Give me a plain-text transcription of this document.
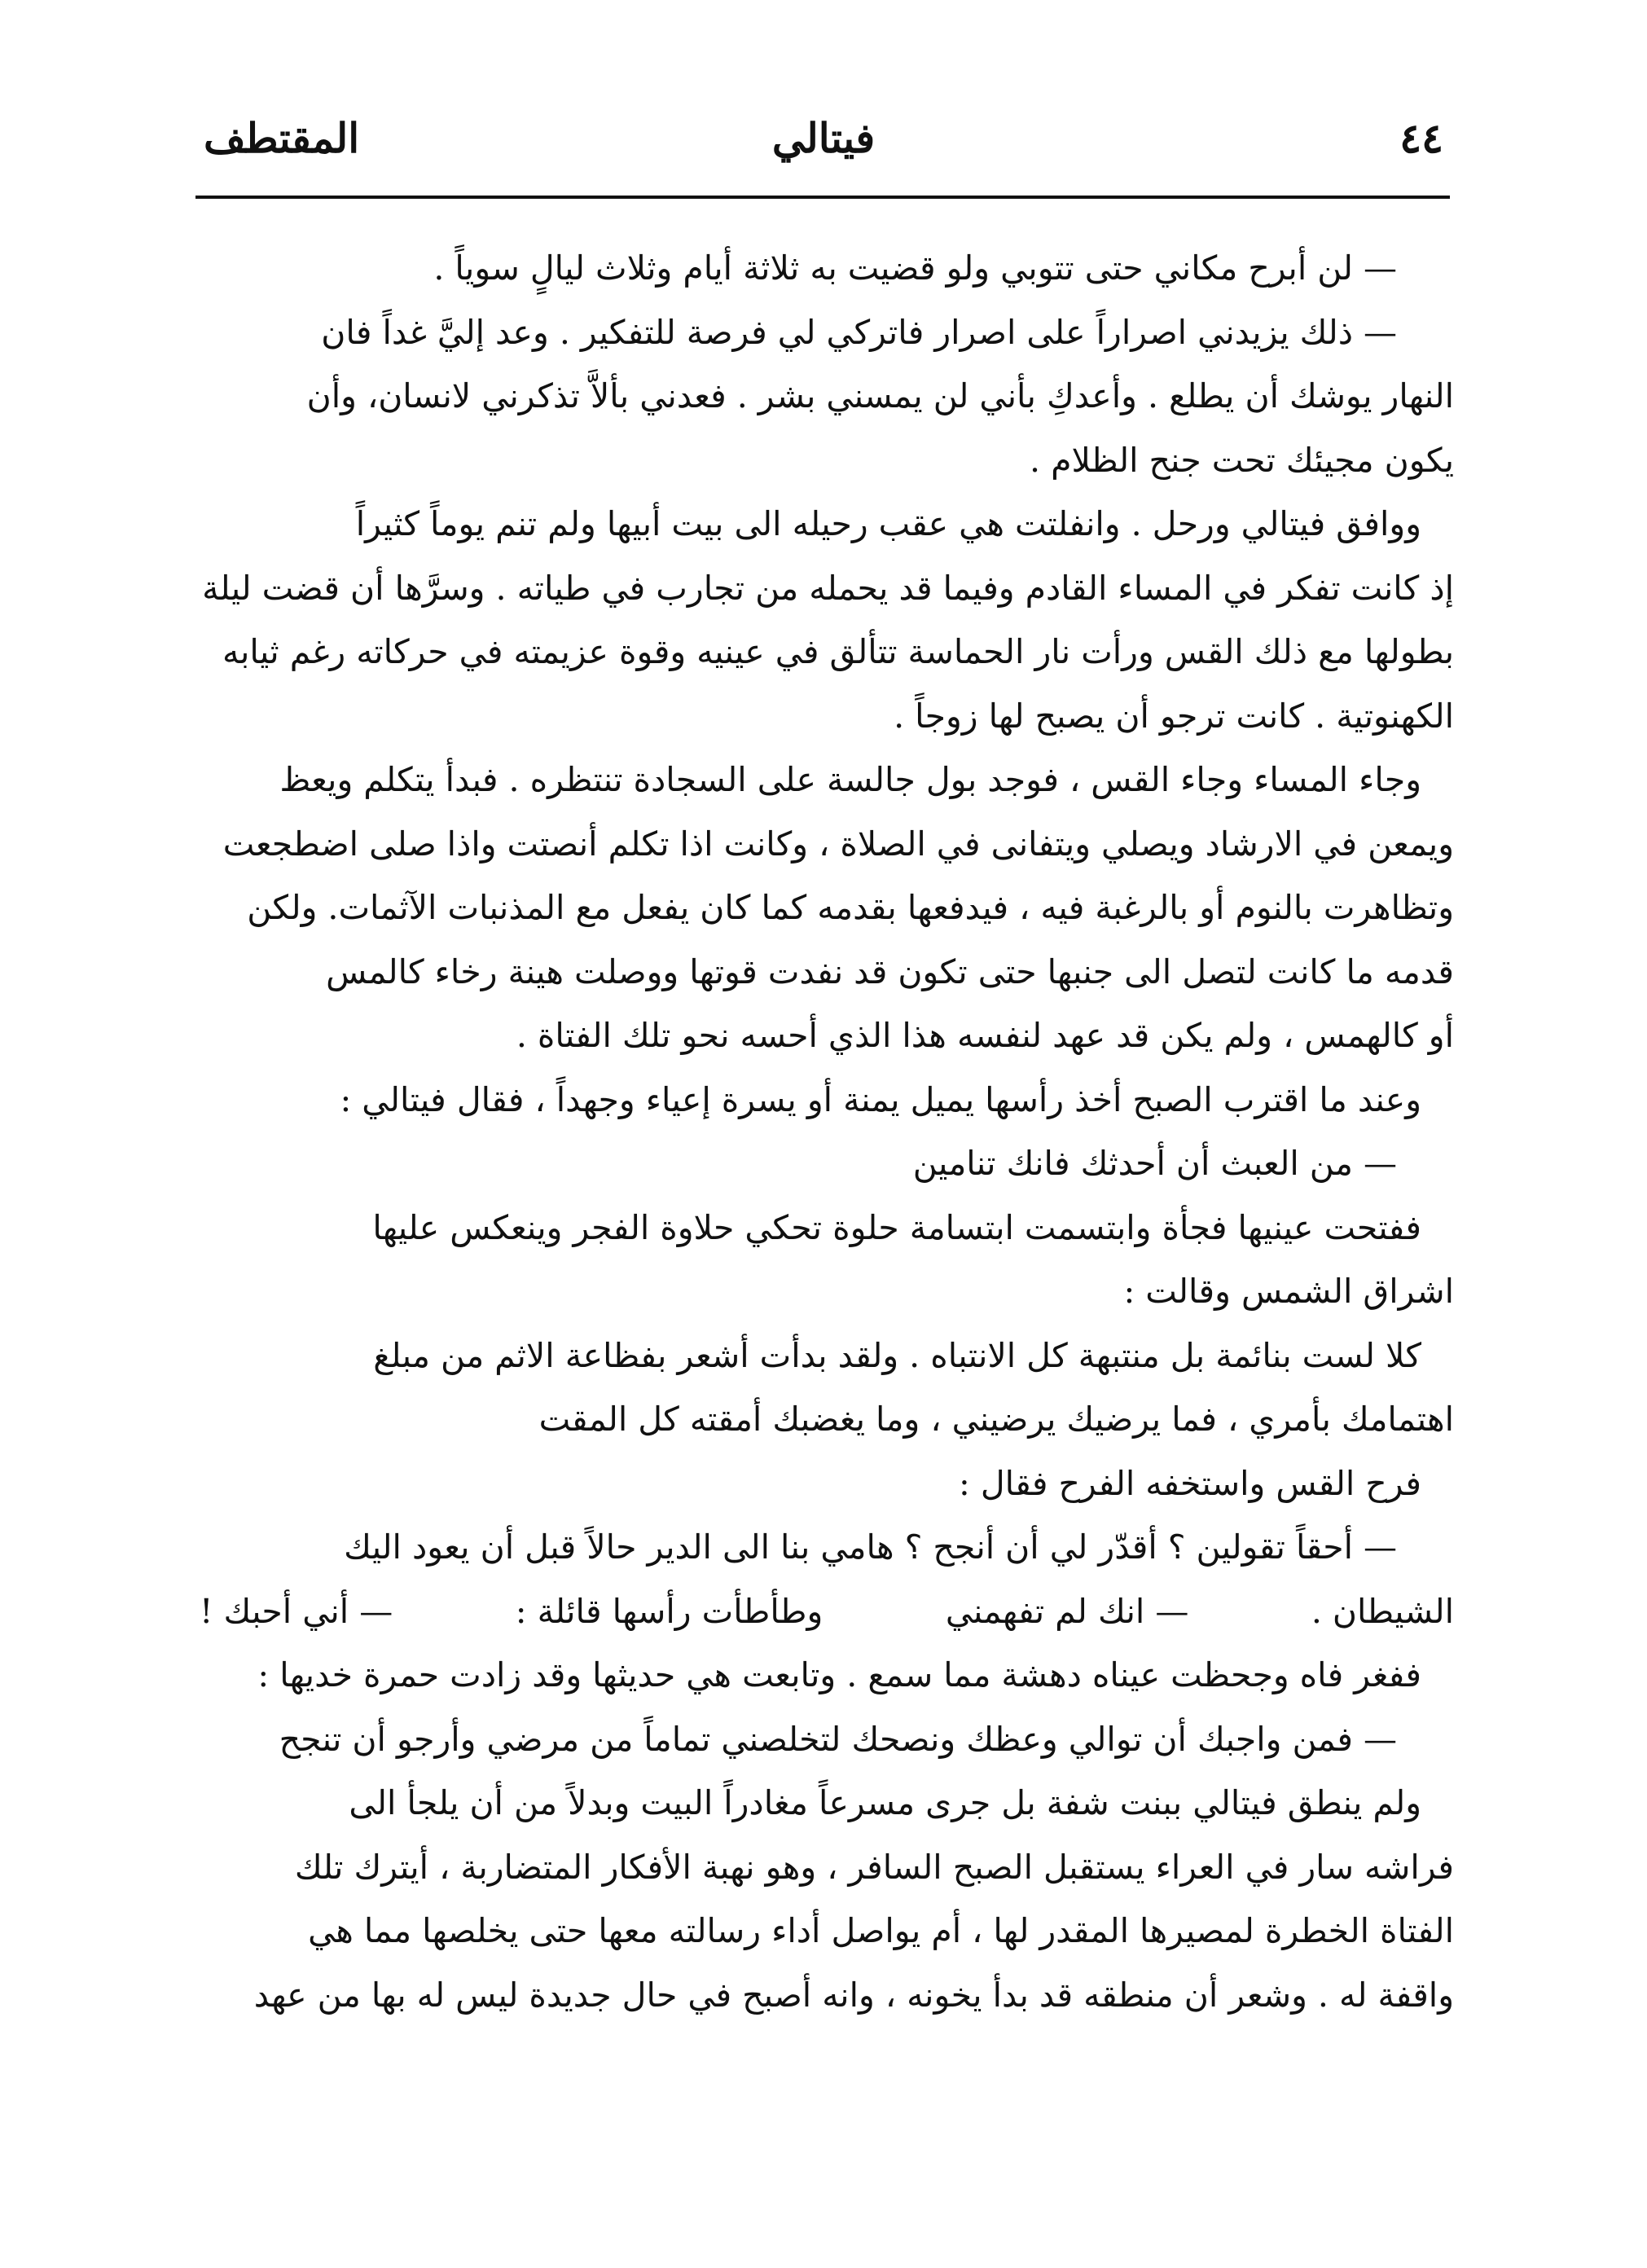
٤٤
فيتالي
المقتطف
— لن أبرح مكاني حتى تتوبي ولو قضيت به ثلاثة أيام وثلاث ليالٍ سوياً .
— ذلك يزيدني اصراراً على اصرار فاتركي لي فرصة للتفكير . وعد إليَّ غداً فان
النهار يوشك أن يطلع . وأعدكِ بأني لن يمسني بشر . فعدني بألاَّ تذكرني لانسان، وأن
يكون مجيئك تحت جنح الظلام .
ووافق فيتالي ورحل . وانفلتت هي عقب رحيله الى بيت أبيها ولم تنم يوماً كثيراً
إذ كانت تفكر في المساء القادم وفيما قد يحمله من تجارب في طياته . وسرَّها أن قضت ليلة
بطولها مع ذلك القس ورأت نار الحماسة تتألق في عينيه وقوة عزيمته في حركاته رغم ثيابه
الكهنوتية . كانت ترجو أن يصبح لها زوجاً .
وجاء المساء وجاء القس ، فوجد بول جالسة على السجادة تنتظره . فبدأ يتكلم ويعظ
ويمعن في الارشاد ويصلي ويتفانى في الصلاة ، وكانت اذا تكلم أنصتت واذا صلى اضطجعت
وتظاهرت بالنوم أو بالرغبة فيه ، فيدفعها بقدمه كما كان يفعل مع المذنبات الآثمات. ولكن
قدمه ما كانت لتصل الى جنبها حتى تكون قد نفدت قوتها ووصلت هينة رخاء كالمس
أو كالهمس ، ولم يكن قد عهد لنفسه هذا الذي أحسه نحو تلك الفتاة .
وعند ما اقترب الصبح أخذ رأسها يميل يمنة أو يسرة إعياء وجهداً ، فقال فيتالي :
— من العبث أن أحدثك فانك تنامين
ففتحت عينيها فجأة وابتسمت ابتسامة حلوة تحكي حلاوة الفجر وينعكس عليها
اشراق الشمس وقالت :
كلا لست بنائمة بل منتبهة كل الانتباه . ولقد بدأت أشعر بفظاعة الاثم من مبلغ
اهتمامك بأمري ، فما يرضيك يرضيني ، وما يغضبك أمقته كل المقت
فرح القس واستخفه الفرح فقال :
— أحقاً تقولين ؟ أقدّر لي أن أنجح ؟ هامي بنا الى الدير حالاً قبل أن يعود اليك
الشيطان .
— انك لم تفهمني
وطأطأت رأسها قائلة :
— أني أحبك !
ففغر فاه وجحظت عيناه دهشة مما سمع . وتابعت هي حديثها وقد زادت حمرة خديها :
— فمن واجبك أن توالي وعظك ونصحك لتخلصني تماماً من مرضي وأرجو أن تنجح
ولم ينطق فيتالي ببنت شفة بل جرى مسرعاً مغادراً البيت وبدلاً من أن يلجأ الى
فراشه سار في العراء يستقبل الصبح السافر ، وهو نهبة الأفكار المتضاربة ، أيترك تلك
الفتاة الخطرة لمصيرها المقدر لها ، أم يواصل أداء رسالته معها حتى يخلصها مما هي
واقفة له . وشعر أن منطقه قد بدأ يخونه ، وانه أصبح في حال جديدة ليس له بها من عهد
